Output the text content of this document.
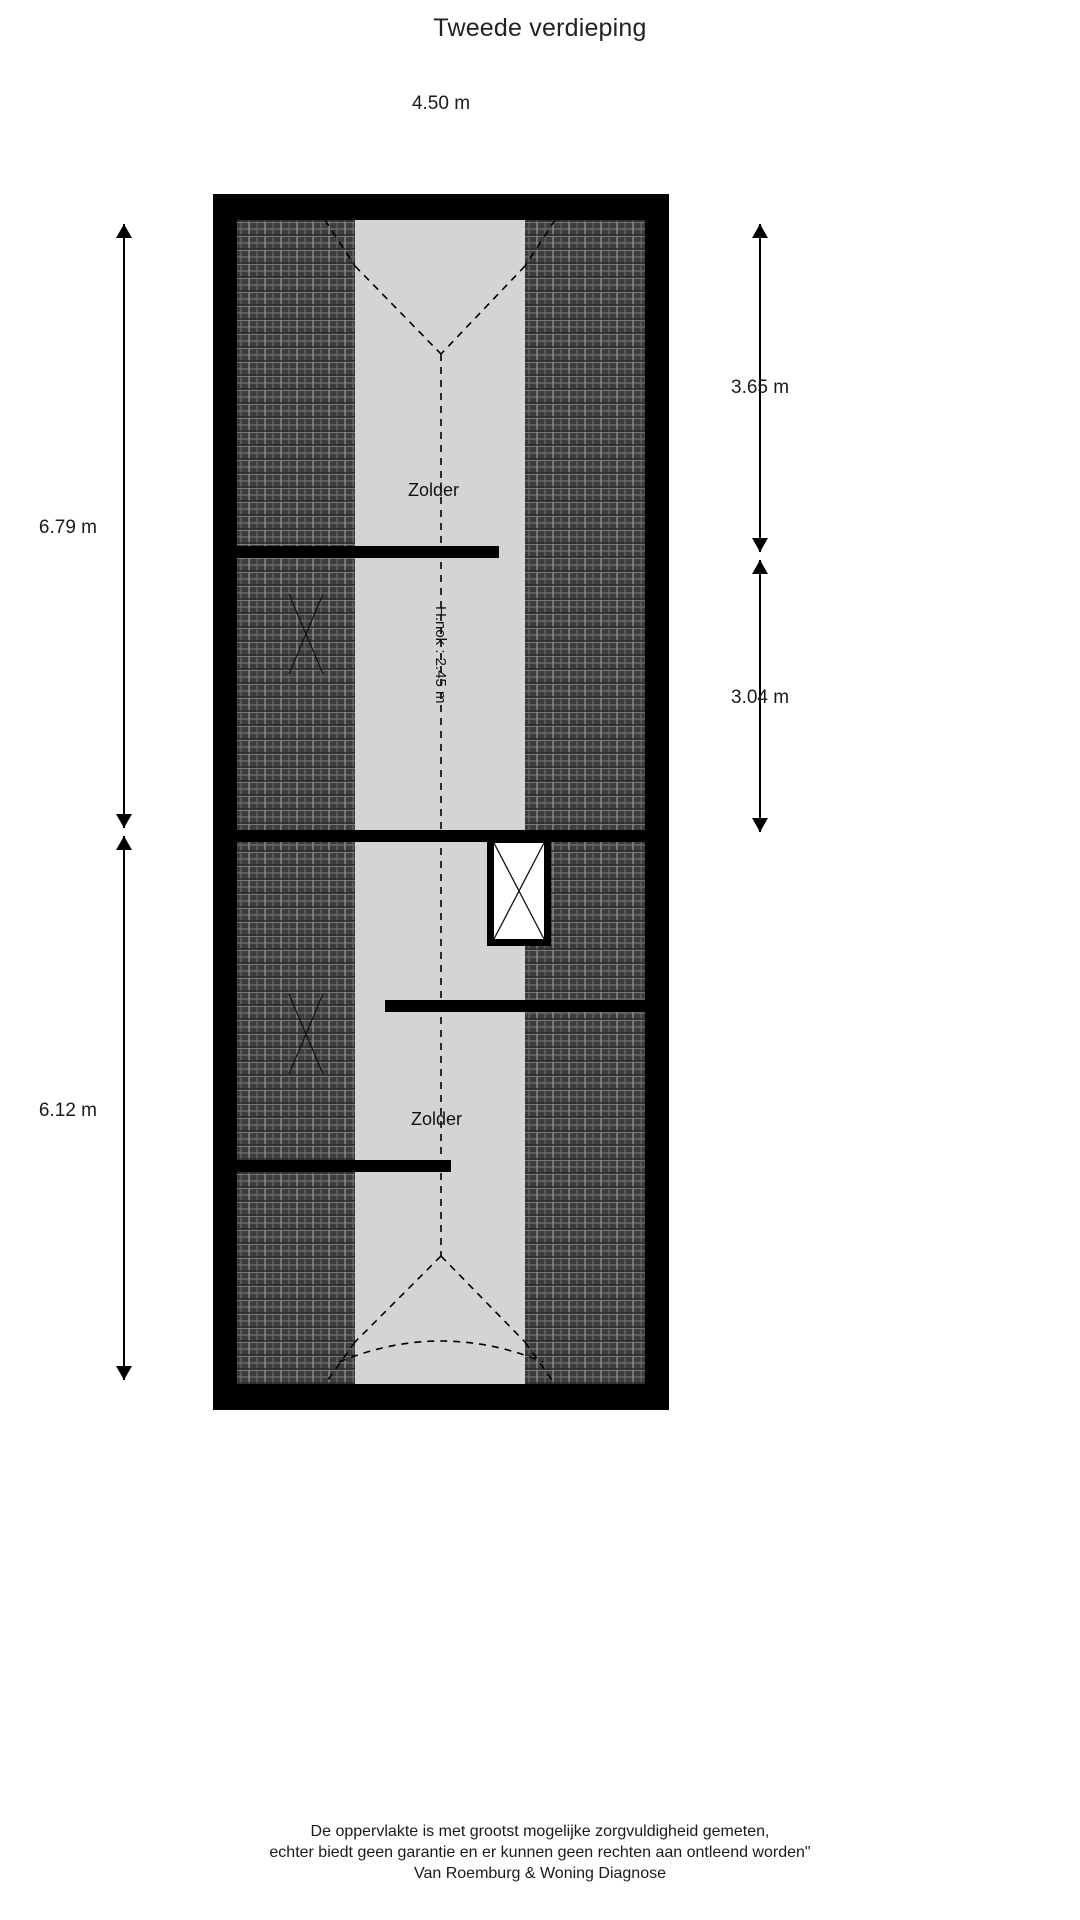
Tweede verdieping
4.50 m
6.79 m
6.12 m
3.65 m
3.04 m
Zolder
Zolder
H.nok : 2.45 m
De oppervlakte is met grootst mogelijke zorgvuldigheid gemeten,
echter biedt geen garantie en er kunnen geen rechten aan ontleend worden"
Van Roemburg & Woning Diagnose
